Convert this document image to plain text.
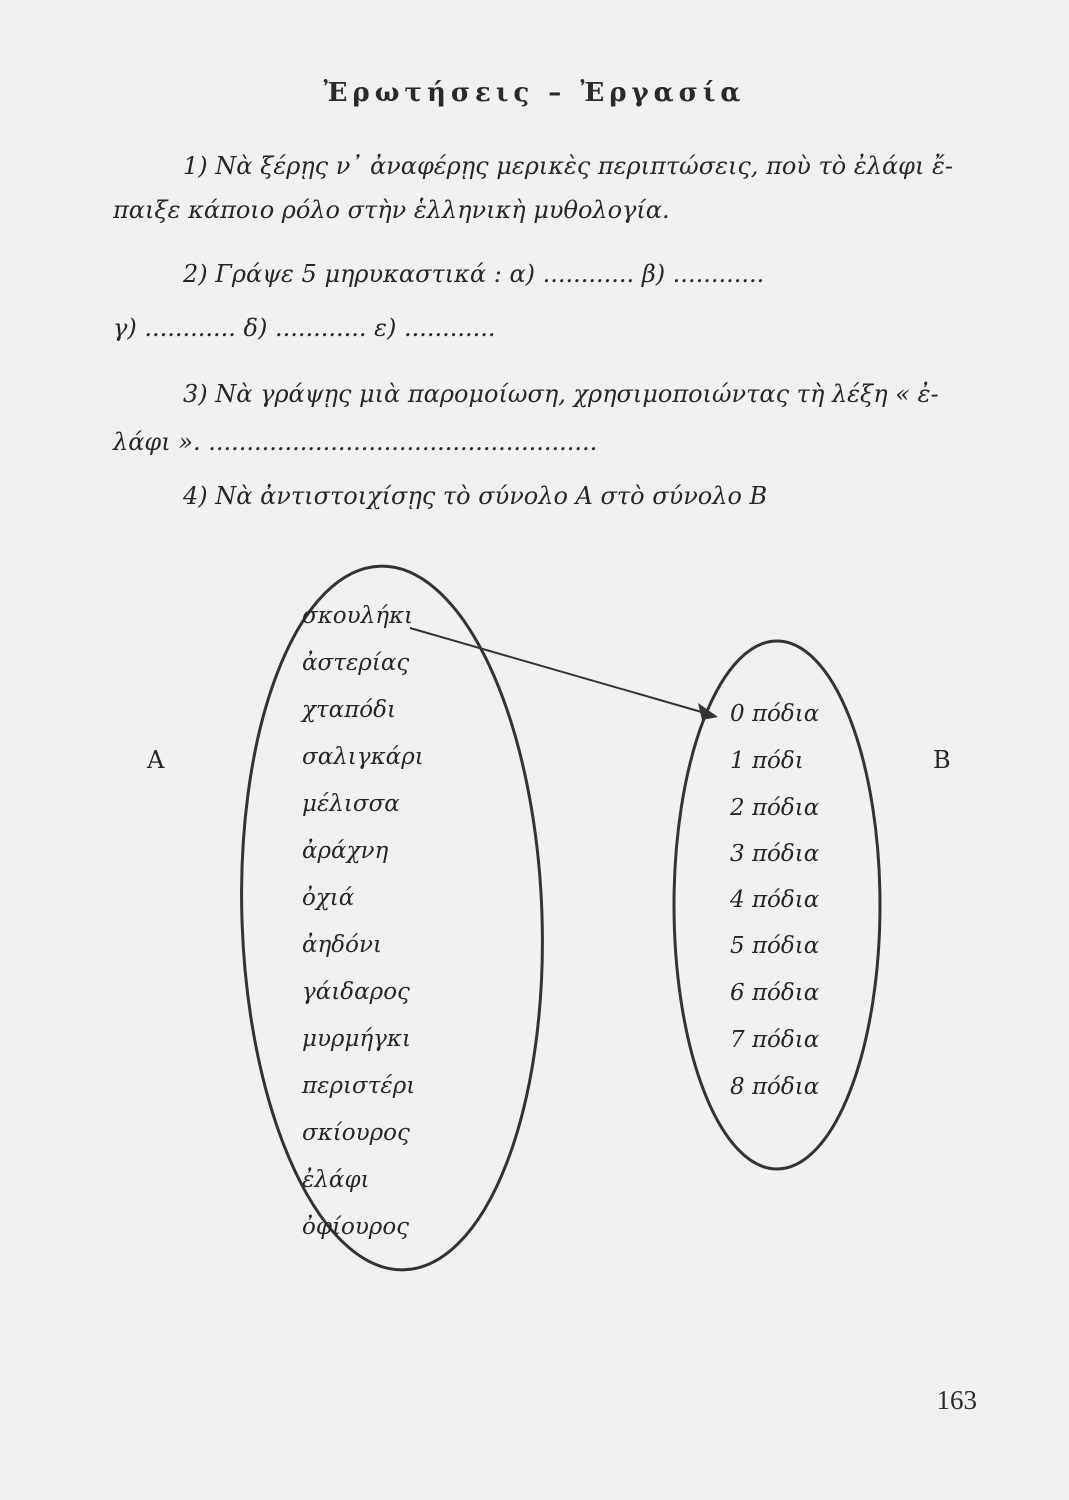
Ἐρωτήσεις – Ἐργασία
1) Νὰ ξέρῃς ν᾽ ἀναφέρῃς μερικὲς περιπτώσεις, ποὺ τὸ ἐλάφι ἔ-
παιξε κάποιο ρόλο στὴν ἑλληνικὴ μυθολογία.
2) Γράψε 5 μηρυκαστικά : α) ............ β) ............
γ) ............ δ) ............ ε) ............
3) Νὰ γράψῃς μιὰ παρομοίωση, χρησιμοποιώντας τὴ λέξη « ἐ-
λάφι ». ...................................................
4) Νὰ ἀντιστοιχίσῃς τὸ σύνολο Α στὸ σύνολο Β
Α	Β
σκουλήκι
ἀστερίας
χταπόδι
σαλιγκάρι
μέλισσα
ἀράχνη
ὀχιά
ἀηδόνι
γάιδαρος
μυρμήγκι
περιστέρι
σκίουρος
ἐλάφι
ὀφίουρος
0 πόδια
1 πόδι
2 πόδια
3 πόδια
4 πόδια
5 πόδια
6 πόδια
7 πόδια
8 πόδια
163
